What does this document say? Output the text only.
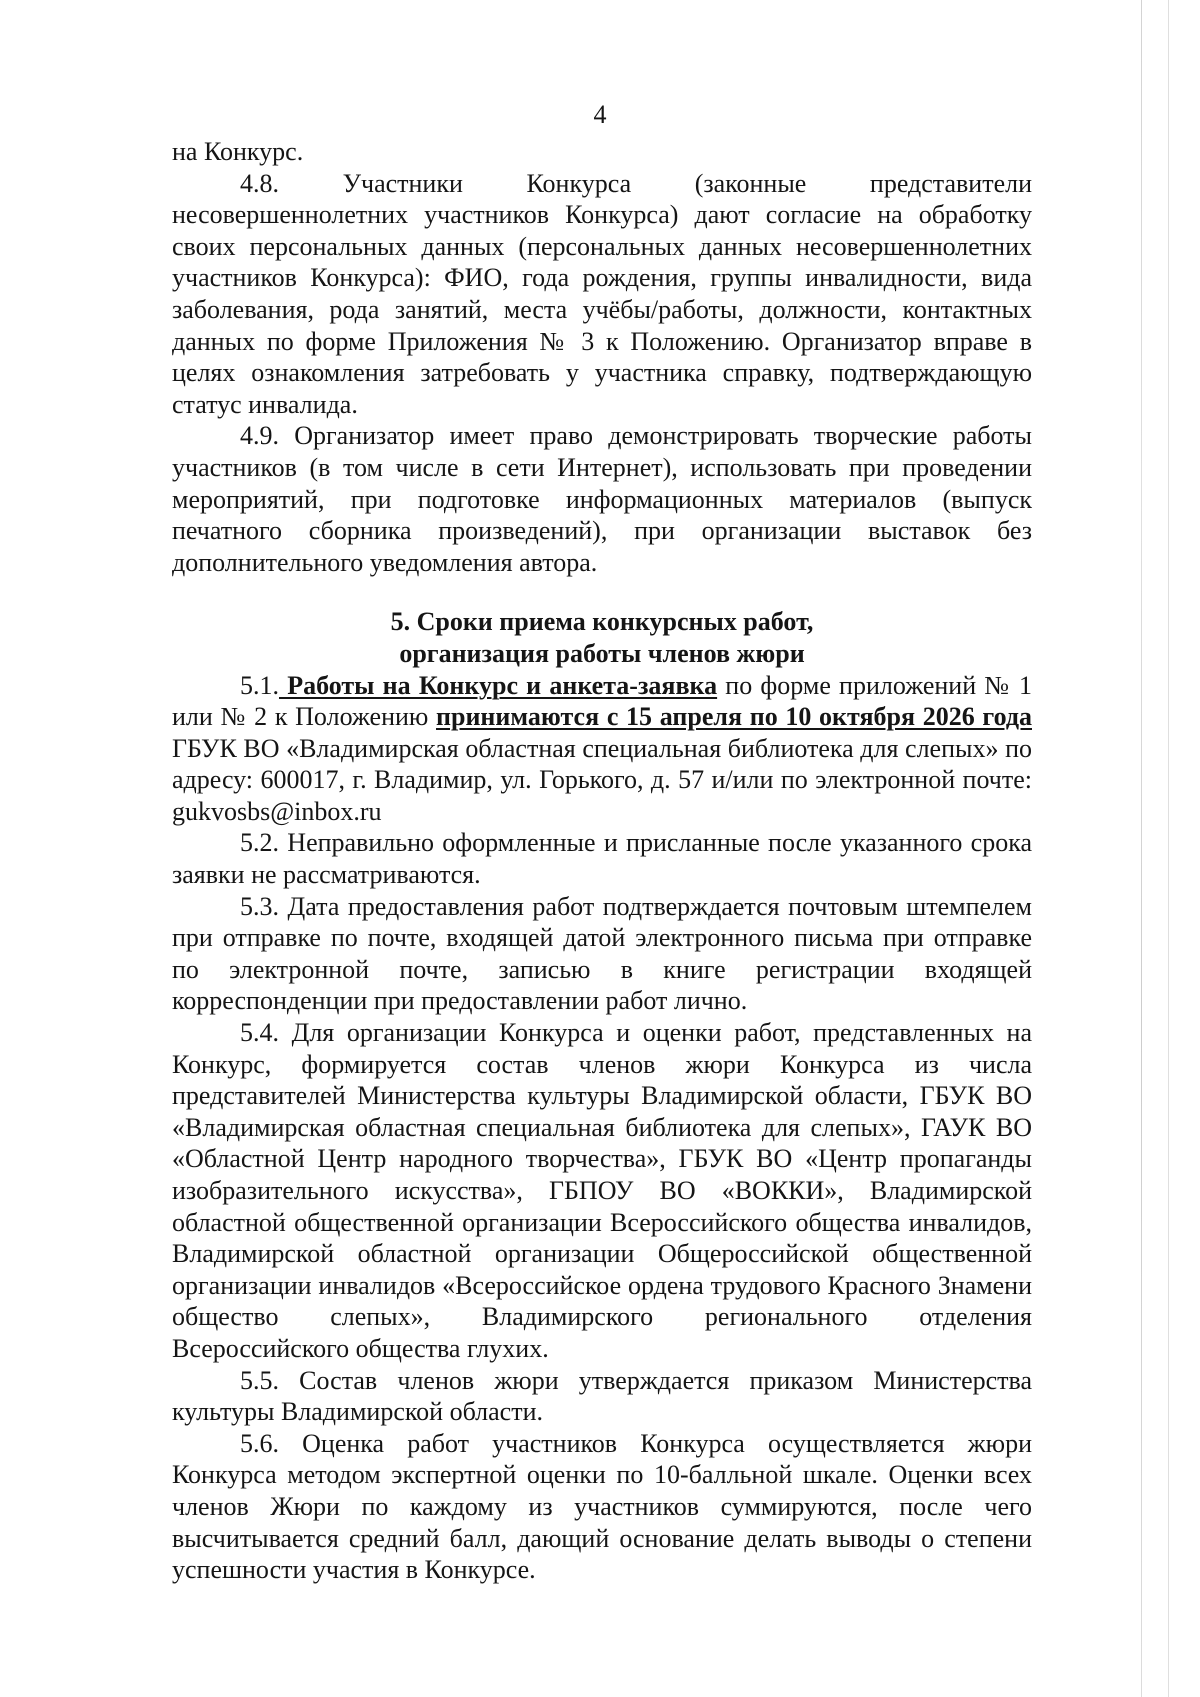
4

на Конкурс.

4.8. Участники Конкурса (законные представители несовершеннолетних участников Конкурса) дают согласие на обработку своих персональных данных (персональных данных несовершеннолетних участников Конкурса): ФИО, года рождения, группы инвалидности, вида заболевания, рода занятий, места учёбы/работы, должности, контактных данных по форме Приложения № 3 к Положению. Организатор вправе в целях ознакомления затребовать у участника справку, подтверждающую статус инвалида.

4.9. Организатор имеет право демонстрировать творческие работы участников (в том числе в сети Интернет), использовать при проведении мероприятий, при подготовке информационных материалов (выпуск печатного сборника произведений), при организации выставок без дополнительного уведомления автора.

5. Сроки приема конкурсных работ,
организация работы членов жюри

5.1. Работы на Конкурс и анкета-заявка по форме приложений № 1 или № 2 к Положению принимаются с 15 апреля по 10 октября 2026 года ГБУК ВО «Владимирская областная специальная библиотека для слепых» по адресу: 600017, г. Владимир, ул. Горького, д. 57 и/или по электронной почте: gukvosbs@inbox.ru

5.2. Неправильно оформленные и присланные после указанного срока заявки не рассматриваются.

5.3. Дата предоставления работ подтверждается почтовым штемпелем при отправке по почте, входящей датой электронного письма при отправке по электронной почте, записью в книге регистрации входящей корреспонденции при предоставлении работ лично.

5.4. Для организации Конкурса и оценки работ, представленных на Конкурс, формируется состав членов жюри Конкурса из числа представителей Министерства культуры Владимирской области, ГБУК ВО «Владимирская областная специальная библиотека для слепых», ГАУК ВО «Областной Центр народного творчества», ГБУК ВО «Центр пропаганды изобразительного искусства», ГБПОУ ВО «ВОККИ», Владимирской областной общественной организации Всероссийского общества инвалидов, Владимирской областной организации Общероссийской общественной организации инвалидов «Всероссийское ордена трудового Красного Знамени общество слепых», Владимирского регионального отделения Всероссийского общества глухих.

5.5. Состав членов жюри утверждается приказом Министерства культуры Владимирской области.

5.6. Оценка работ участников Конкурса осуществляется жюри Конкурса методом экспертной оценки по 10-балльной шкале. Оценки всех членов Жюри по каждому из участников суммируются, после чего высчитывается средний балл, дающий основание делать выводы о степени успешности участия в Конкурсе.
